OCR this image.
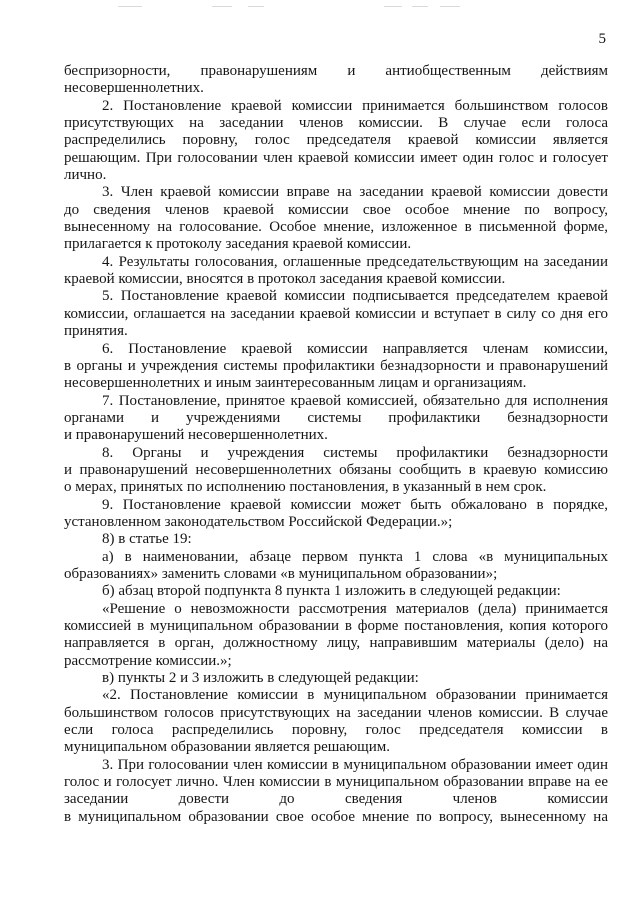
5
беспризорности, правонарушениям и антиобщественным действиям
несовершеннолетних.
2. Постановление краевой комиссии принимается большинством голосов
присутствующих на заседании членов комиссии. В случае если голоса
распределились поровну, голос председателя краевой комиссии является
решающим. При голосовании член краевой комиссии имеет один голос и голосует
лично.
3. Член краевой комиссии вправе на заседании краевой комиссии довести
до сведения членов краевой комиссии свое особое мнение по вопросу,
вынесенному на голосование. Особое мнение, изложенное в письменной форме,
прилагается к протоколу заседания краевой комиссии.
4. Результаты голосования, оглашенные председательствующим на заседании
краевой комиссии, вносятся в протокол заседания краевой комиссии.
5. Постановление краевой комиссии подписывается председателем краевой
комиссии, оглашается на заседании краевой комиссии и вступает в силу со дня его
принятия.
6. Постановление краевой комиссии направляется членам комиссии,
в органы и учреждения системы профилактики безнадзорности и правонарушений
несовершеннолетних и иным заинтересованным лицам и организациям.
7. Постановление, принятое краевой комиссией, обязательно для исполнения
органами и учреждениями системы профилактики безнадзорности
и правонарушений несовершеннолетних.
8. Органы и учреждения системы профилактики безнадзорности
и правонарушений несовершеннолетних обязаны сообщить в краевую комиссию
о мерах, принятых по исполнению постановления, в указанный в нем срок.
9. Постановление краевой комиссии может быть обжаловано в порядке,
установленном законодательством Российской Федерации.»;
8) в статье 19:
а) в наименовании, абзаце первом пункта 1 слова «в муниципальных
образованиях» заменить словами «в муниципальном образовании»;
б) абзац второй подпункта 8 пункта 1 изложить в следующей редакции:
«Решение о невозможности рассмотрения материалов (дела) принимается
комиссией в муниципальном образовании в форме постановления, копия которого
направляется в орган, должностному лицу, направившим материалы (дело) на
рассмотрение комиссии.»;
в) пункты 2 и 3 изложить в следующей редакции:
«2. Постановление комиссии в муниципальном образовании принимается
большинством голосов присутствующих на заседании членов комиссии. В случае
если голоса распределились поровну, голос председателя комиссии в
муниципальном образовании является решающим.
3. При голосовании член комиссии в муниципальном образовании имеет один
голос и голосует лично. Член комиссии в муниципальном образовании вправе на ее
заседании довести до сведения членов комиссии
в муниципальном образовании свое особое мнение по вопросу, вынесенному на
